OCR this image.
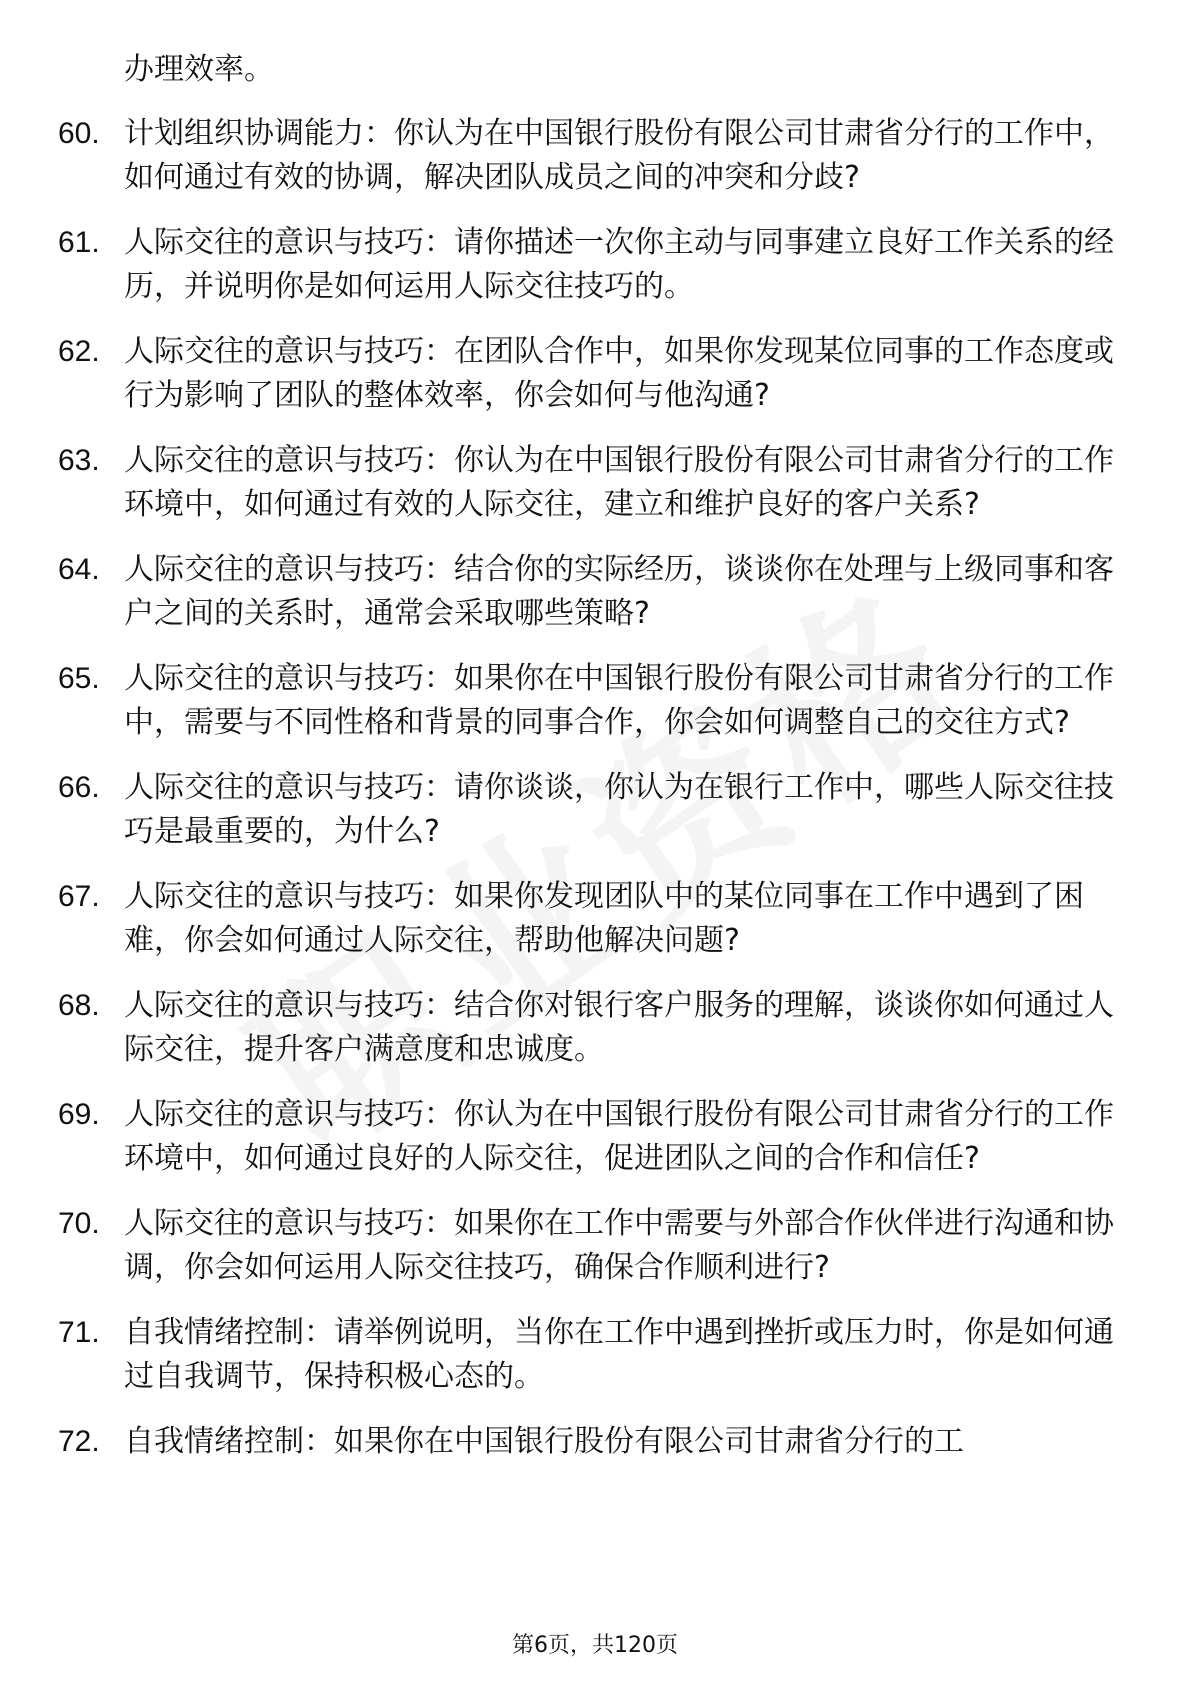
办理效率。
60. 计划组织协调能力：你认为在中国银行股份有限公司甘肃省分行的工作中，如何通过有效的协调，解决团队成员之间的冲突和分歧?
61. 人际交往的意识与技巧：请你描述一次你主动与同事建立良好工作关系的经历，并说明你是如何运用人际交往技巧的。
62. 人际交往的意识与技巧：在团队合作中，如果你发现某位同事的工作态度或行为影响了团队的整体效率，你会如何与他沟通?
63. 人际交往的意识与技巧：你认为在中国银行股份有限公司甘肃省分行的工作环境中，如何通过有效的人际交往，建立和维护良好的客户关系?
64. 人际交往的意识与技巧：结合你的实际经历，谈谈你在处理与上级同事和客户之间的关系时，通常会采取哪些策略?
65. 人际交往的意识与技巧：如果你在中国银行股份有限公司甘肃省分行的工作中，需要与不同性格和背景的同事合作，你会如何调整自己的交往方式?
66. 人际交往的意识与技巧：请你谈谈，你认为在银行工作中，哪些人际交往技巧是最重要的，为什么?
67. 人际交往的意识与技巧：如果你发现团队中的某位同事在工作中遇到了困难，你会如何通过人际交往，帮助他解决问题?
68. 人际交往的意识与技巧：结合你对银行客户服务的理解，谈谈你如何通过人际交往，提升客户满意度和忠诚度。
69. 人际交往的意识与技巧：你认为在中国银行股份有限公司甘肃省分行的工作环境中，如何通过良好的人际交往，促进团队之间的合作和信任?
70. 人际交往的意识与技巧：如果你在工作中需要与外部合作伙伴进行沟通和协调，你会如何运用人际交往技巧，确保合作顺利进行?
71. 自我情绪控制：请举例说明，当你在工作中遇到挫折或压力时，你是如何通过自我调节，保持积极心态的。
72. 自我情绪控制：如果你在中国银行股份有限公司甘肃省分行的工
第6页，共120页
